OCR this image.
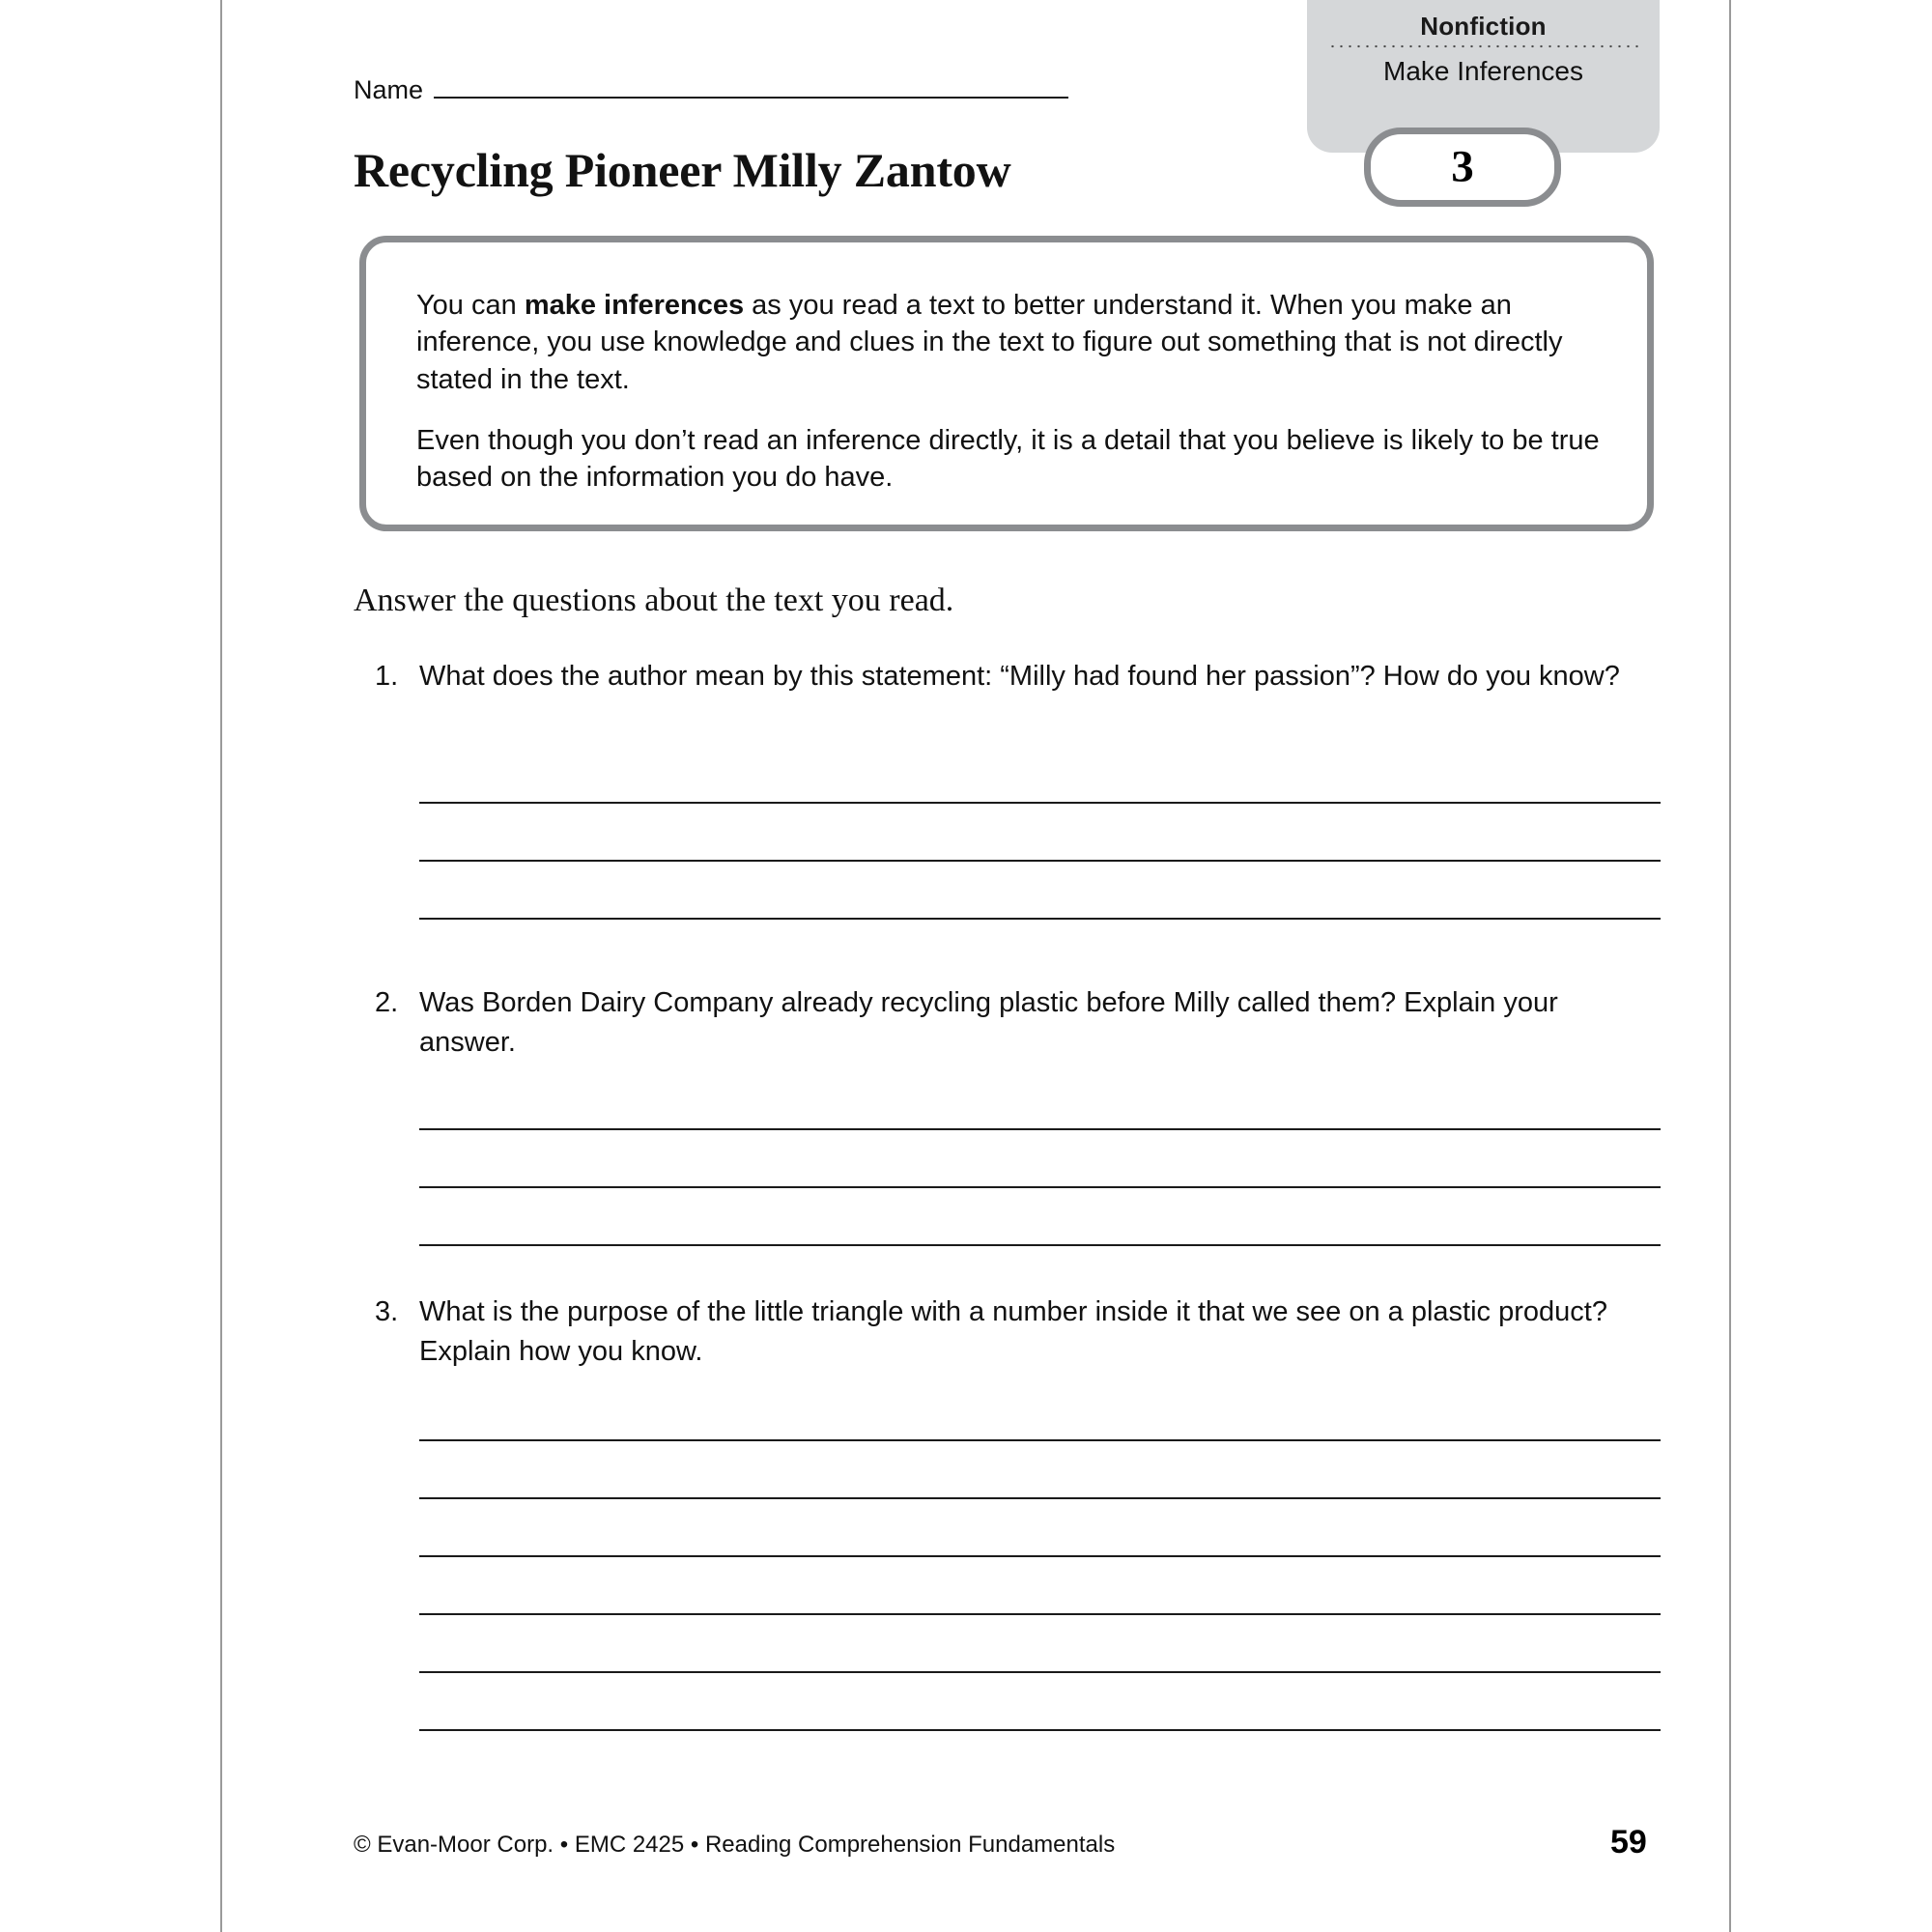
Nonfiction
Make Inferences
3
Name
Recycling Pioneer Milly Zantow

You can make inferences as you read a text to better understand it. When you make an inference, you use knowledge and clues in the text to figure out something that is not directly stated in the text.

Even though you don’t read an inference directly, it is a detail that you believe is likely to be true based on the information you do have.

Answer the questions about the text you read.
1. What does the author mean by this statement: “Milly had found her passion”? How do you know?
2. Was Borden Dairy Company already recycling plastic before Milly called them? Explain your answer.
3. What is the purpose of the little triangle with a number inside it that we see on a plastic product? Explain how you know.
© Evan-Moor Corp. • EMC 2425 • Reading Comprehension Fundamentals	59
